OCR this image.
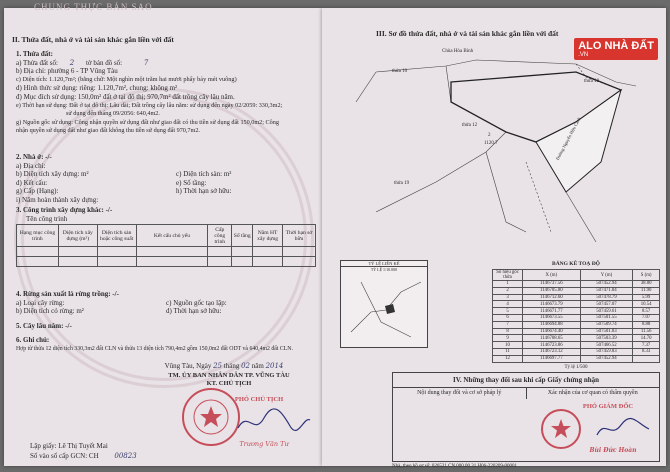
CHUNG THỰC BẢN SAO
II. Thửa đất, nhà ở và tài sản khác gắn liền với đất
1. Thửa đất:
a) Thửa đất số: 2 tờ bản đồ số:	7
b) Địa chỉ: phường 6 - TP Vũng Tàu
c) Diện tích: 1.120,7m²; (bằng chữ: Một nghìn một trăm hai mươi phẩy bảy mét vuông)
d) Hình thức sử dụng: riêng: 1.120,7m², chung: không m²
đ) Mục đích sử dụng: 150,0m² đất ở tại đô thị; 970,7m² đất trồng cây lâu năm.
e) Thời hạn sử dụng: Đất ở tại đô thị: Lâu dài; Đất trồng cây lâu năm: sử dụng đến ngày 02/2059: 330,3m2;
sử dụng đến tháng 09/2056: 640,4m2.
g) Nguồn gốc sử dụng: Công nhận quyền sử dụng đất như giao đất có thu tiền sử dụng đất 150,0m2; Công
nhận quyền sử dụng đất như giao đất không thu tiền sử dụng đất 970,7m2.
2. Nhà ở: -/-
a) Địa chỉ:
b) Diện tích xây dựng: m²	c) Diện tích sàn: m²
d) Kết cấu:	e) Số tầng:
g) Cấp (Hạng):	h) Thời hạn sở hữu:
i) Năm hoàn thành xây dựng:
3. Công trình xây dựng khác: -/-
Tên công trình
Hạng mục công trình	Diện tích xây dựng (m²)	Diện tích sàn hoặc công suất	Kết cấu chủ yếu	Cấp công trình	Số tầng	Năm HT xây dựng	Thời hạn sở hữu

4. Rừng sản xuất là rừng trồng: -/-
a) Loại cây rừng:	c) Nguồn gốc tạo lập:
b) Diện tích có rừng: m²	d) Thời hạn sở hữu:
5. Cây lâu năm: -/-
6. Ghi chú:
Hợp từ thửa 12 diện tích 330,3m2 đất CLN và thửa 13 diện tích 790,4m2 gồm 150,0m2 đất ODT và 640,4m2 đất CLN.
Vũng Tàu, Ngày 25 tháng 02 năm 2014
TM. ỦY BAN NHÂN DÂN TP. VŨNG TÀU
KT. CHỦ TỊCH
PHÓ CHỦ TỊCH
Trương Văn Tư
Lập giấy: Lê Thị Tuyết Mai
Số vào sổ cấp GCN: CH 00823
III. Sơ đồ thửa đất, nhà ở và tài sản khác gắn liền với đất
ALO NHÀ ĐẤT
.VN
Chùa Hòa Bình
thửa 10
thửa 18
thửa 12
2
1120.7
thửa 19
Đường Nguyễn Hữu Cảnh
TỶ LỆ LIÊN KẾ
TỶ LỆ 1/10.000
BẢNG KÊ TOẠ ĐỘ
Số hiệu góc thửa	X (m)	Y (m)	S (m)
1	1146737.56	507452.94	38.00
2	1146705.80	507471.84	11.90
3	1146712.60	507478.79	5.99
4	1146673.79	507457.07	10.54
5	1146671.77	507459.61	8.57
6	1146673.55	507501.55	7.07
7	1146694.88	507509.74	8.88
8	1146674.40	507501.83	11.56
9	1146708.65	507503.39	14.70
10	1146723.86	507466.52	7.37
11	1146723.12	507459.83	8.33
12	1146697.77	507452.94	
Tỷ lệ 1/500
IV. Những thay đổi sau khi cấp Giấy chứng nhận
Nội dung thay đổi và cơ sở pháp lý	Xác nhận của cơ quan có thẩm quyền
PHÓ GIÁM ĐỐC
Bùi Đức Hoàn
Nhà, theo hồ sơ số: 026521.CN.000.00.31.H06-220209-00001
